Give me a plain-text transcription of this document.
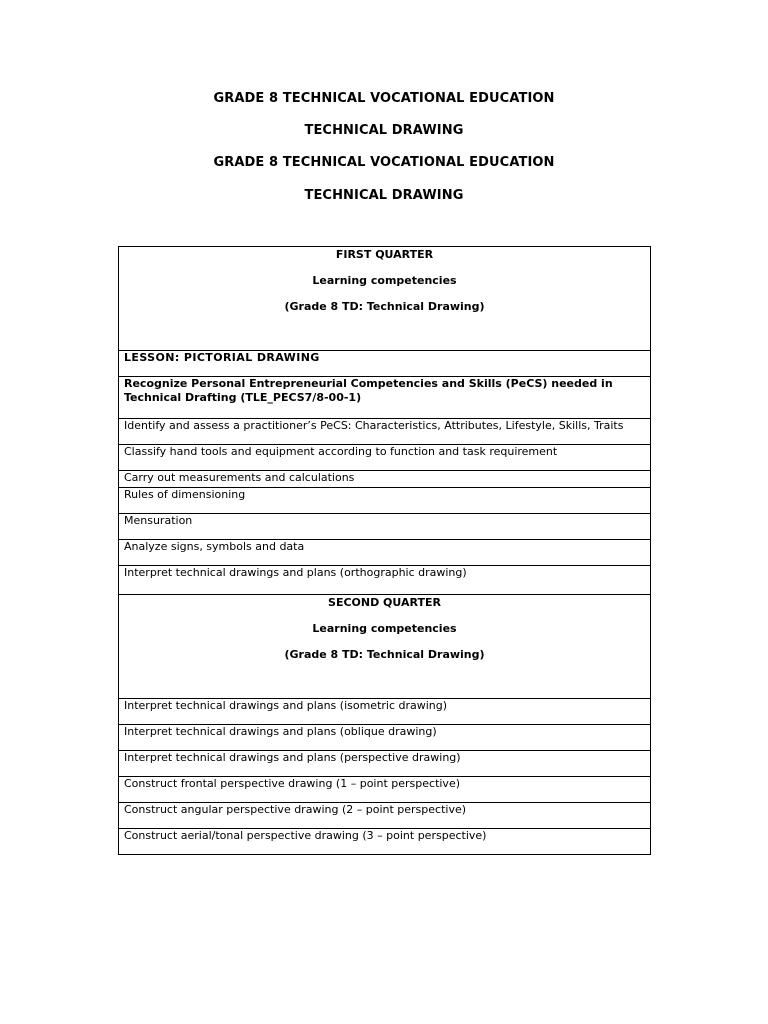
GRADE 8 TECHNICAL VOCATIONAL EDUCATION
TECHNICAL DRAWING
GRADE 8 TECHNICAL VOCATIONAL EDUCATION
TECHNICAL DRAWING
FIRST QUARTER
Learning competencies
(Grade 8 TD: Technical Drawing)

LESSON: PICTORIAL DRAWING
Recognize Personal Entrepreneurial Competencies and Skills (PeCS) needed in Technical Drafting (TLE_PECS7/8-00-1)
Identify and assess a practitioner’s PeCS: Characteristics, Attributes, Lifestyle, Skills, Traits
Classify hand tools and equipment according to function and task requirement
Carry out measurements and calculations
Rules of dimensioning
Mensuration
Analyze signs, symbols and data
Interpret technical drawings and plans (orthographic drawing)

SECOND QUARTER
Learning competencies
(Grade 8 TD: Technical Drawing)

Interpret technical drawings and plans (isometric drawing)
Interpret technical drawings and plans (oblique drawing)
Interpret technical drawings and plans (perspective drawing)
Construct frontal perspective drawing (1 – point perspective)
Construct angular perspective drawing (2 – point perspective)
Construct aerial/tonal perspective drawing (3 – point perspective)
